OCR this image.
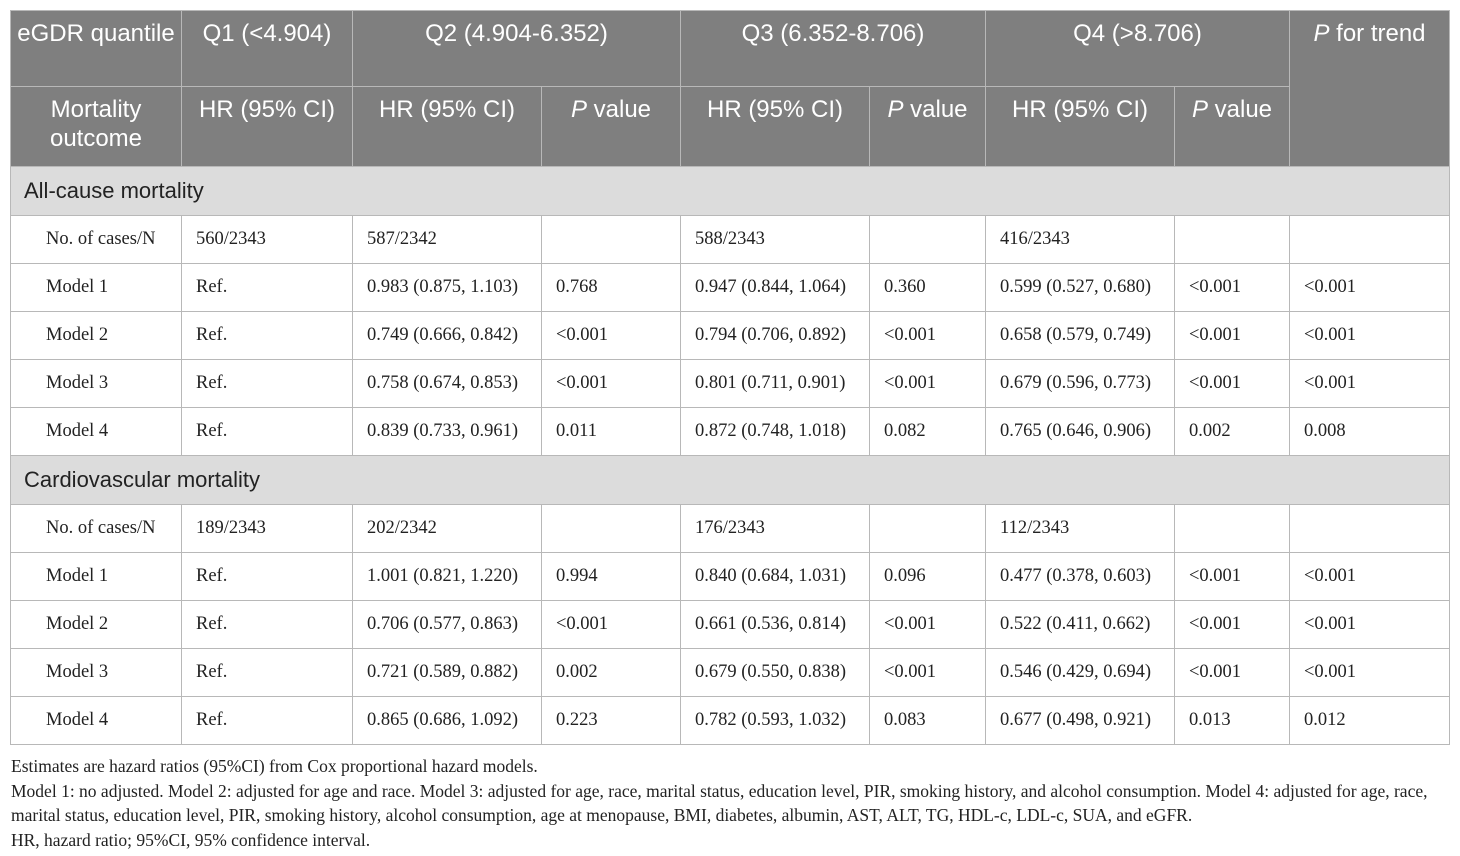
eGDR quantile	Q1 (<4.904)	Q2 (4.904-6.352)		Q3 (6.352-8.706)		Q4 (>8.706)		P for trend
Mortality outcome	HR (95% CI)	HR (95% CI)	P value	HR (95% CI)	P value	HR (95% CI)	P value	
All-cause mortality								
No. of cases/N	560/2343	587/2342		588/2343		416/2343		
Model 1	Ref.	0.983 (0.875, 1.103)	0.768	0.947 (0.844, 1.064)	0.360	0.599 (0.527, 0.680)	<0.001	<0.001
Model 2	Ref.	0.749 (0.666, 0.842)	<0.001	0.794 (0.706, 0.892)	<0.001	0.658 (0.579, 0.749)	<0.001	<0.001
Model 3	Ref.	0.758 (0.674, 0.853)	<0.001	0.801 (0.711, 0.901)	<0.001	0.679 (0.596, 0.773)	<0.001	<0.001
Model 4	Ref.	0.839 (0.733, 0.961)	0.011	0.872 (0.748, 1.018)	0.082	0.765 (0.646, 0.906)	0.002	0.008
Cardiovascular mortality								
No. of cases/N	189/2343	202/2342		176/2343		112/2343		
Model 1	Ref.	1.001 (0.821, 1.220)	0.994	0.840 (0.684, 1.031)	0.096	0.477 (0.378, 0.603)	<0.001	<0.001
Model 2	Ref.	0.706 (0.577, 0.863)	<0.001	0.661 (0.536, 0.814)	<0.001	0.522 (0.411, 0.662)	<0.001	<0.001
Model 3	Ref.	0.721 (0.589, 0.882)	0.002	0.679 (0.550, 0.838)	<0.001	0.546 (0.429, 0.694)	<0.001	<0.001
Model 4	Ref.	0.865 (0.686, 1.092)	0.223	0.782 (0.593, 1.032)	0.083	0.677 (0.498, 0.921)	0.013	0.012

Estimates are hazard ratios (95%CI) from Cox proportional hazard models.

Model 1: no adjusted. Model 2: adjusted for age and race. Model 3: adjusted for age, race, marital status, education level, PIR, smoking history, and alcohol consumption. Model 4: adjusted for age, race, marital status, education level, PIR, smoking history, alcohol consumption, age at menopause, BMI, diabetes, albumin, AST, ALT, TG, HDL-c, LDL-c, SUA, and eGFR.

HR, hazard ratio; 95%CI, 95% confidence interval.
